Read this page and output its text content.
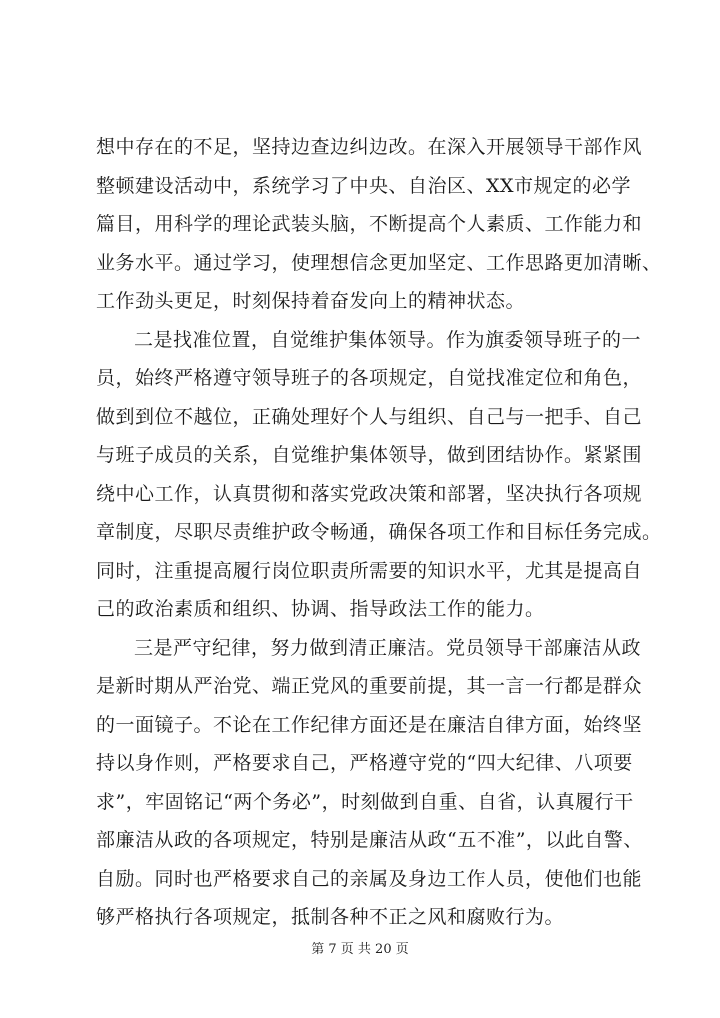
想中存在的不足，坚持边查边纠边改。在深入开展领导干部作风
整顿建设活动中，系统学习了中央、自治区、XX市规定的必学
篇目，用科学的理论武装头脑，不断提高个人素质、工作能力和
业务水平。通过学习，使理想信念更加坚定、工作思路更加清晰、
工作劲头更足，时刻保持着奋发向上的精神状态。
二是找准位置，自觉维护集体领导。作为旗委领导班子的一
员，始终严格遵守领导班子的各项规定，自觉找准定位和角色，
做到到位不越位，正确处理好个人与组织、自己与一把手、自己
与班子成员的关系，自觉维护集体领导，做到团结协作。紧紧围
绕中心工作，认真贯彻和落实党政决策和部署，坚决执行各项规
章制度，尽职尽责维护政令畅通，确保各项工作和目标任务完成。
同时，注重提高履行岗位职责所需要的知识水平，尤其是提高自
己的政治素质和组织、协调、指导政法工作的能力。
三是严守纪律，努力做到清正廉洁。党员领导干部廉洁从政
是新时期从严治党、端正党风的重要前提，其一言一行都是群众
的一面镜子。不论在工作纪律方面还是在廉洁自律方面，始终坚
持以身作则，严格要求自己，严格遵守党的“四大纪律、八项要
求”，牢固铭记“两个务必”，时刻做到自重、自省，认真履行干
部廉洁从政的各项规定，特别是廉洁从政“五不准”，以此自警、
自励。同时也严格要求自己的亲属及身边工作人员，使他们也能
够严格执行各项规定，抵制各种不正之风和腐败行为。
第 7 页 共 20 页
